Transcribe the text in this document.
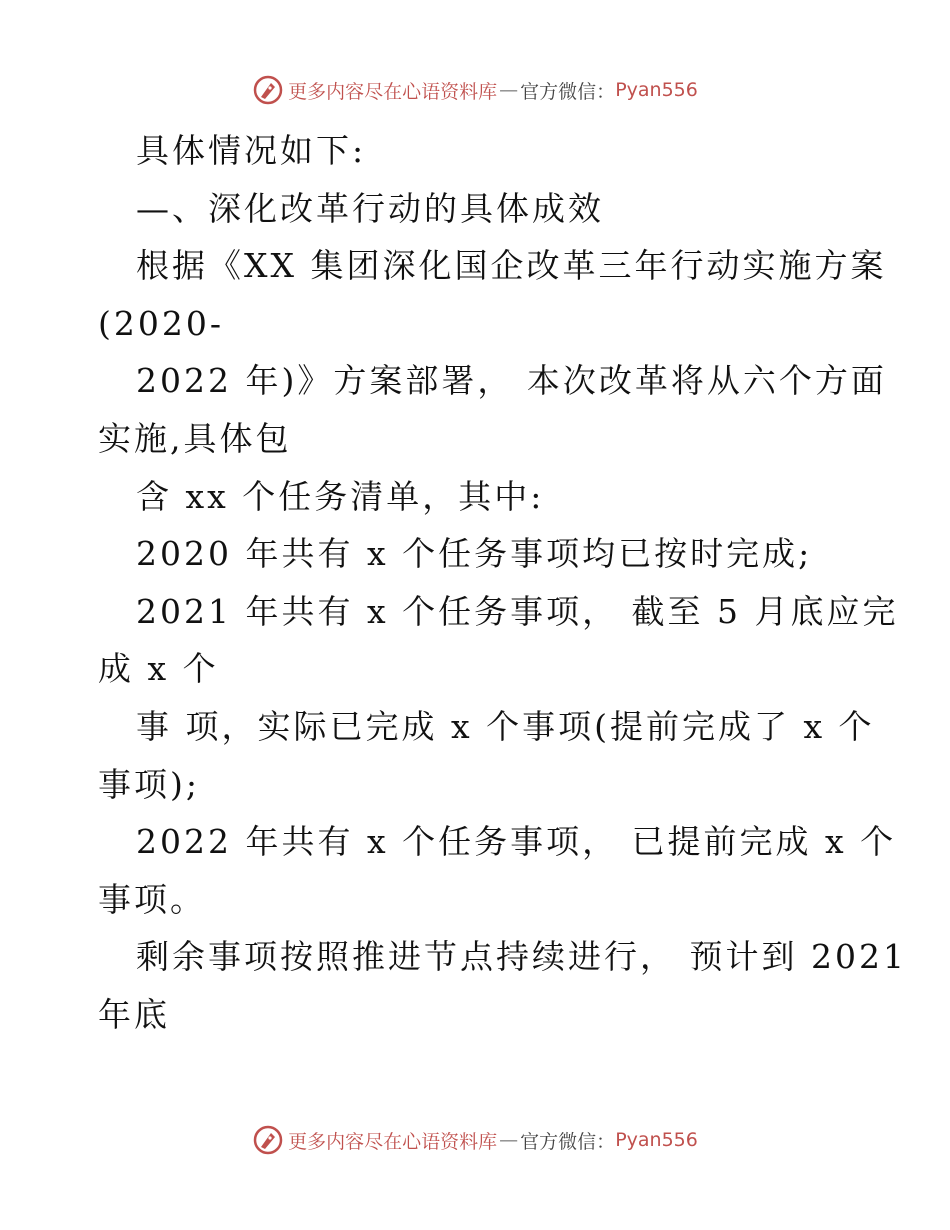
更多内容尽在心语资料库 — 官方微信： Pyan556
具体情况如下:
—、深化改革行动的具体成效
根据《XX 集团深化国企改革三年行动实施方案
(2020-
2022 年)》方案部署， 本次改革将从六个方面
实施,具体包
含 xx 个任务清单，其中:
2020 年共有 x 个任务事项均已按时完成;
2021 年共有 x 个任务事项， 截至 5 月底应完
成 x 个
事 项，实际已完成 x 个事项(提前完成了 x 个
事项);
2022 年共有 x 个任务事项， 已提前完成 x 个
事项。
剩余事项按照推进节点持续进行， 预计到 2021
年底
更多内容尽在心语资料库 — 官方微信： Pyan556
